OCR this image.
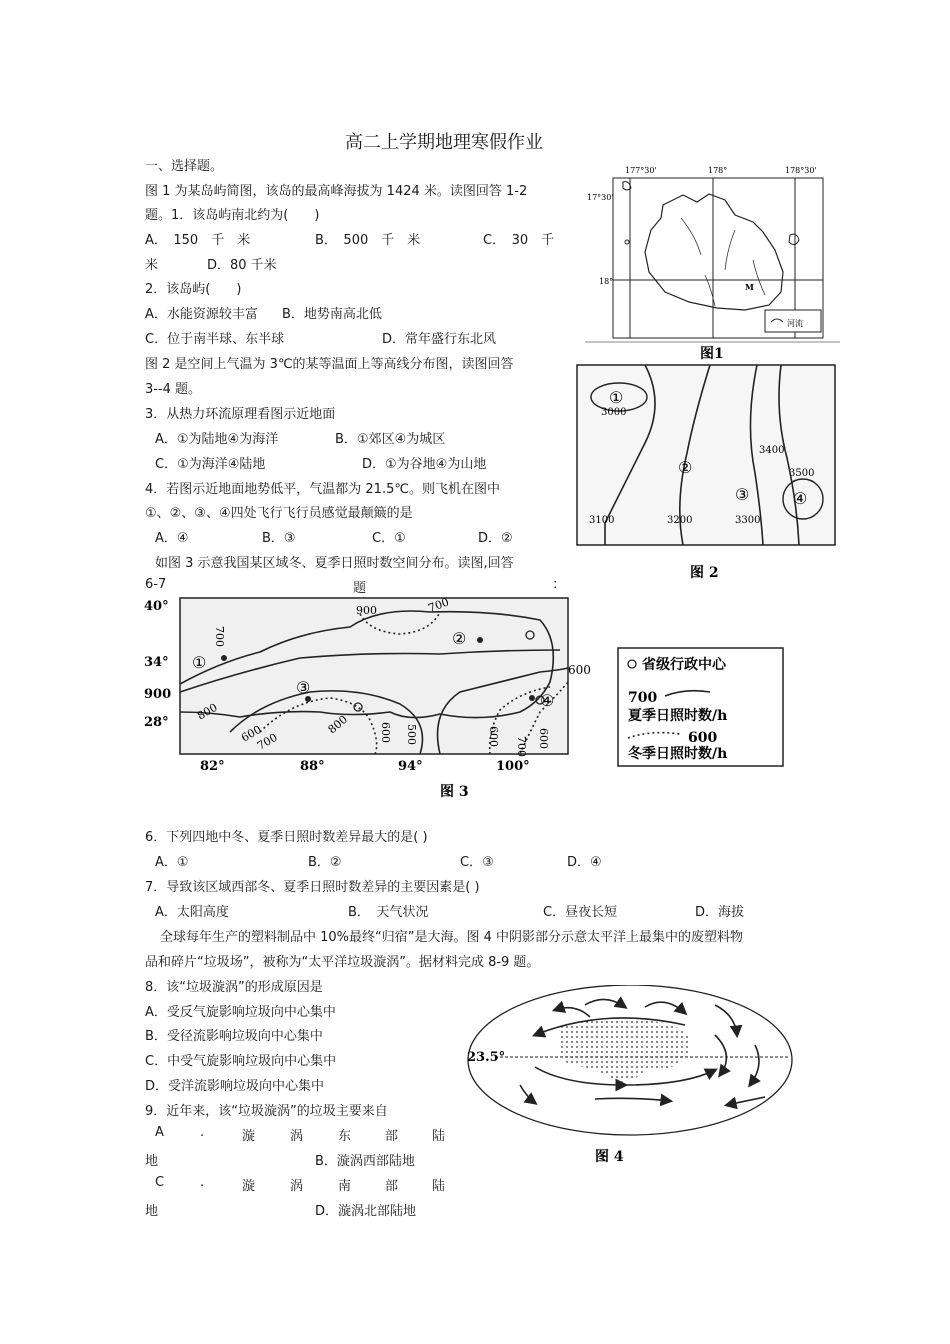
高二上学期地理寒假作业
一、选择题。
图 1 为某岛屿简图，该岛的最高峰海拔为 1424 米。读图回答 1-2
题。1．该岛屿南北约为(　　)
A．　150　千　米	B．　500　千　米	C．　30　千
米	D．80 千米
2．该岛屿(　　)
A．水能资源较丰富 B．地势南高北低
C．位于南半球、东半球	D．常年盛行东北风
图 2 是空间上气温为 3℃的某等温面上等高线分布图，读图回答
3--4 题。
3．从热力环流原理看图示近地面
A．①为陆地④为海洋	B．①郊区④为城区
C．①为海洋④陆地	D．①为谷地④为山地
4．若图示近地面地势低平，气温都为 21.5℃。则飞机在图中
①、②、③、④四处飞行飞行员感觉最颠簸的是
A．④	B．③	C．①	D．②
如图 3 示意我国某区域冬、夏季日照时数空间分布。读图,回答
6-7	题	:
177°30'	178°	178°30'
17°30'
18°
M
河流
图1
①
②
③	④
3000
3100	3200	3300
3400
3500
图 2
40°
34°
28°
82°	88°	94°	100°
①
②
③
④
700
700
700
800
900
700
600
600	600	600
800	500
900
600
省级行政中心
700
夏季日照时数/h
600
冬季日照时数/h
图 3
6．下列四地中冬、夏季日照时数差异最大的是( )
A．①	B．②	C．③	D．④
7．导致该区域西部冬、夏季日照时数差异的主要因素是( )
A．太阳高度	B．　天气状况	C．昼夜长短	D．海拔
全球每年生产的塑料制品中 10%最终“归宿”是大海。图 4 中阴影部分示意太平洋上最集中的废塑料物
品和碎片“垃圾场”，被称为“太平洋垃圾漩涡”。据材料完成 8-9 题。
8．该“垃圾漩涡”的形成原因是
A．受反气旋影响垃圾向中心集中
B．受径流影响垃圾向中心集中
C．中受气旋影响垃圾向中心集中
D．受洋流影响垃圾向中心集中
9．近年来，该“垃圾漩涡”的垃圾主要来自
A	.	漩	涡	东	部	陆
地	B．漩涡西部陆地
C	.	漩	涡	南	部	陆
地	D．漩涡北部陆地
23.5°
图 4
